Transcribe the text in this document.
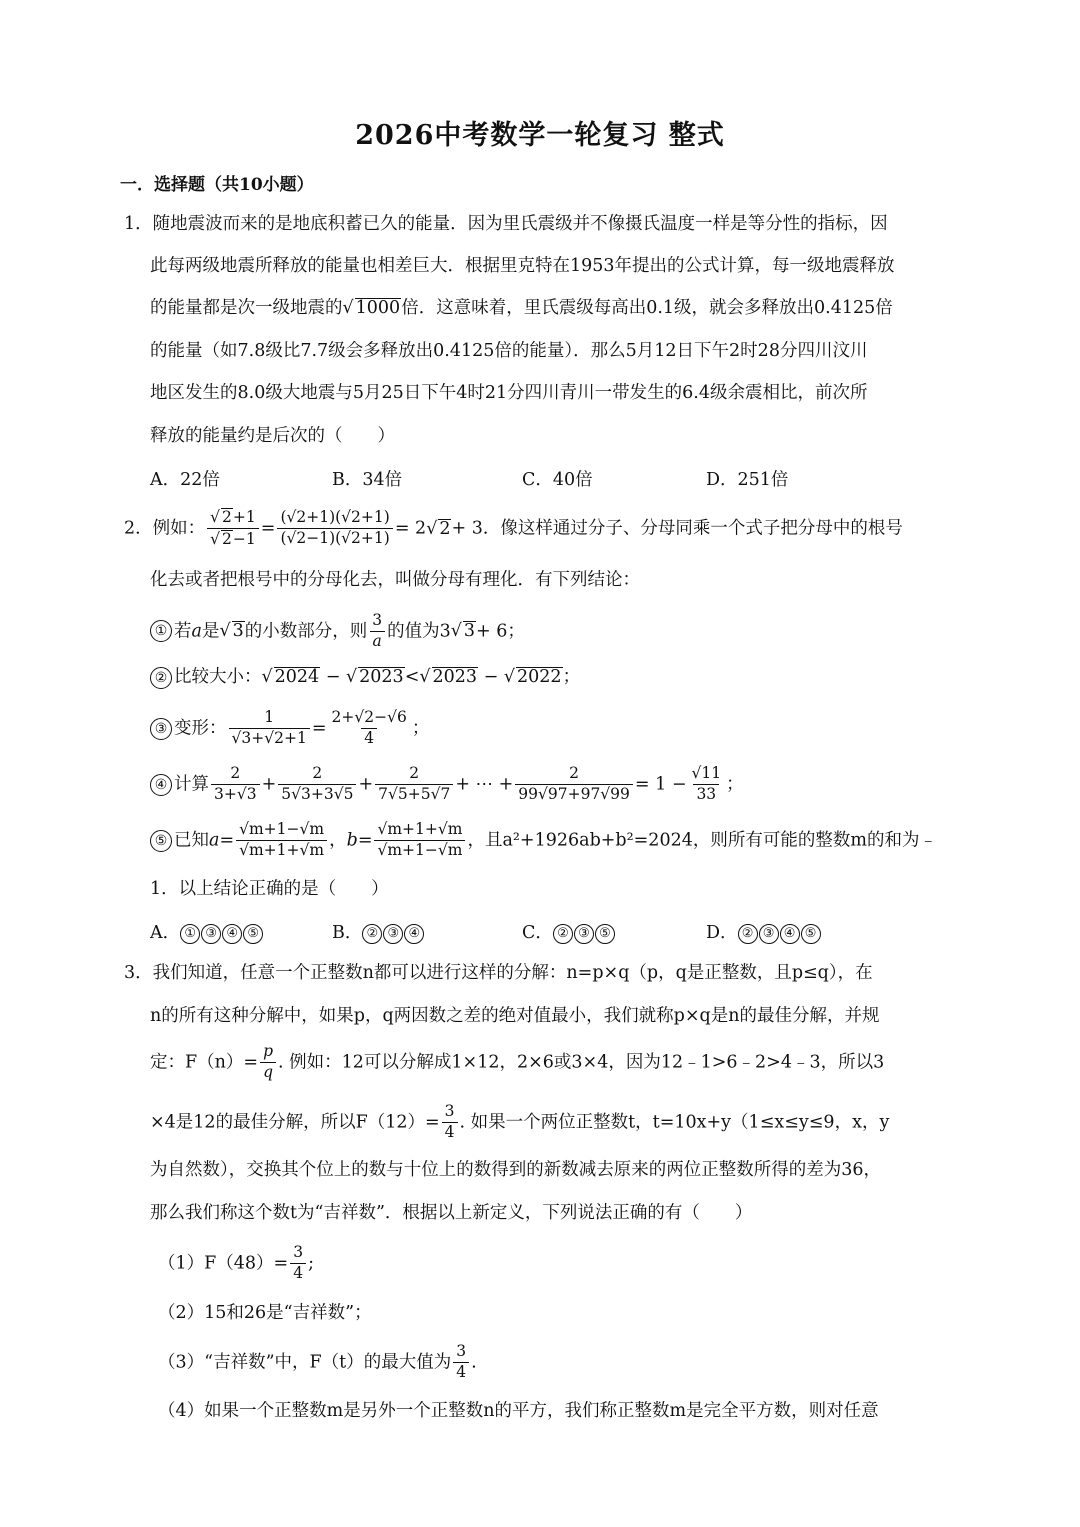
2026中考数学一轮复习 整式
一．选择题（共10小题）
1．随地震波而来的是地底积蓄已久的能量．因为里氏震级并不像摄氏温度一样是等分性的指标，因
此每两级地震所释放的能量也相差巨大．根据里克特在1953年提出的公式计算，每一级地震释放
的能量都是次一级地震的√ 1000倍．这意味着，里氏震级每高出0.1级，就会多释放出0.4125倍
的能量（如7.8级比7.7级会多释放出0.4125倍的能量）．那么5月12日下午2时28分四川汶川
地区发生的8.0级大地震与5月25日下午4时21分四川青川一带发生的6.4级余震相比，前次所
释放的能量约是后次的（　　）
A．22倍	B．34倍	C．40倍	D．251倍
2．例如： $\frac{√ 2+1}{√ 2-1} = \frac{(√2+1)(√2+1)}{(√2-1)(√2+1)} = 2√$ 2+ 3．像这样通过分子、分母同乘一个式子把分母中的根号
化去或者把根号中的分母化去，叫做分母有理化．有下列结论：
① 若a是√ 3的小数部分，则 $\frac{3}{a}$ 的值为3√ 3+ 6；
② 比较大小：√ 2024 − √ 2023<√ 2023 − √ 2022；
③ 变形： $\frac{1}{√3+√2+1} = \frac{2+√2-√6}{4}$ ；
④ 计算 $\frac{2}{3+√3} + \frac{2}{5√3+3√5} + \frac{2}{7√5+5√7}$ + ⋯ + $\frac{2}{99√97+97√99} = 1 - \frac{√11}{33}$ ；
⑤ 已知$a= \frac{√m+1-√m}{√m+1+√m}$ ，$b= \frac{√m+1+√m}{√m+1-√m}$ ，且a²+1926ab+b²=2024，则所有可能的整数m的和为﹣
1．以上结论正确的是（　　）
A． ① ③ ④ ⑤	B． ② ③ ④	C． ② ③ ⑤	D． ② ③ ④ ⑤
3．我们知道，任意一个正整数n都可以进行这样的分解：n=p×q（p，q是正整数，且p≤q），在
n的所有这种分解中，如果p，q两因数之差的绝对值最小，我们就称p×q是n的最佳分解，并规
定：$F(n)= \frac{p}{q}$ . 例如：12可以分解成1×12，2×6或3×4，因为12﹣1>6﹣2>4﹣3，所以3
×4是12的最佳分解，所以$F(12)= \frac{3}{4}$ . 如果一个两位正整数t，t=10x+y（1≤x≤y≤9，x，y
为自然数），交换其个位上的数与十位上的数得到的新数减去原来的两位正整数所得的差为36，
那么我们称这个数t为“吉祥数”．根据以上新定义，下列说法正确的有（　　）
$(1)F(48)= \frac{3}{4}$ ;
（2）15和26是“吉祥数”；
（3）“吉祥数”中，F（t）的最大值为 $\frac{3}{4}$ .
（4）如果一个正整数m是另外一个正整数n的平方，我们称正整数m是完全平方数，则对任意
